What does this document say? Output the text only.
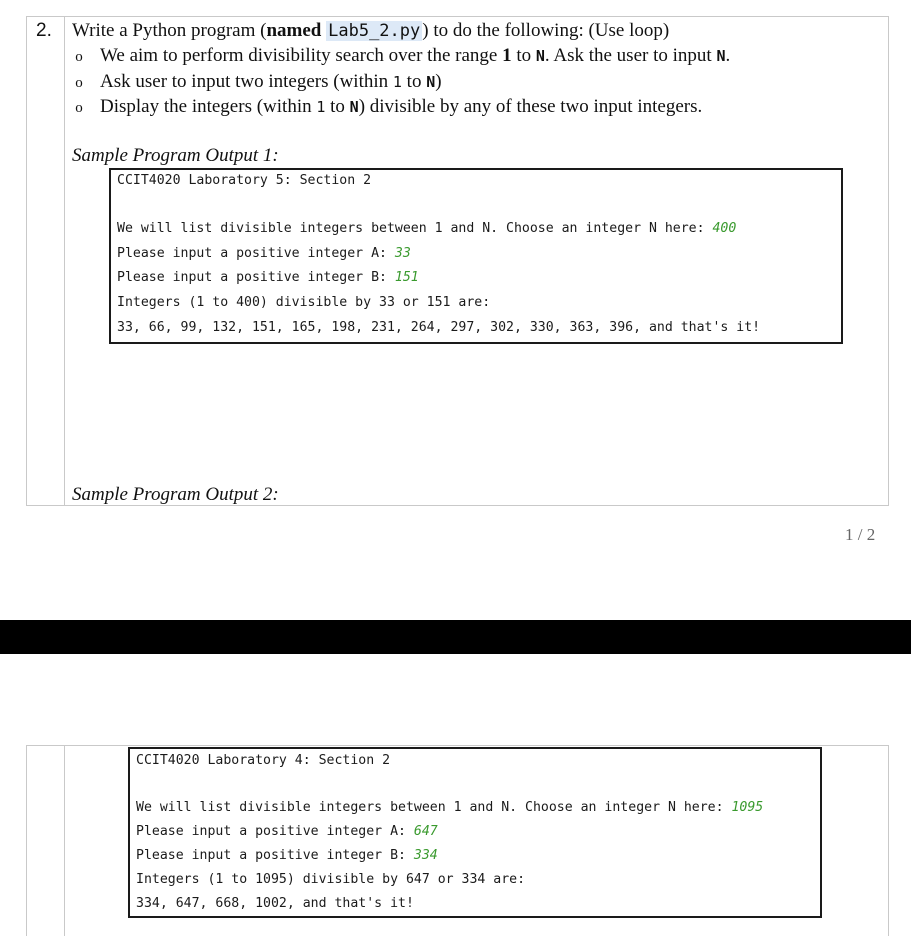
2. Write a Python program (named Lab5_2.py ) to do the following: (Use loop)
o We aim to perform divisibility search over the range 1 to N. Ask the user to input N.
o Ask user to input two integers (within 1 to N)
o Display the integers (within 1 to N) divisible by any of these two input integers.
Sample Program Output 1:

CCIT4020 Laboratory 5: Section 2

We will list divisible integers between 1 and N. Choose an integer N here: 400

Please input a positive integer A: 33

Please input a positive integer B: 151

Integers (1 to 400) divisible by 33 or 151 are:

33, 66, 99, 132, 151, 165, 198, 231, 264, 297, 302, 330, 363, 396, and that's it!

Sample Program Output 2:
1 / 2

CCIT4020 Laboratory 4: Section 2

We will list divisible integers between 1 and N. Choose an integer N here: 1095

Please input a positive integer A: 647

Please input a positive integer B: 334

Integers (1 to 1095) divisible by 647 or 334 are:

334, 647, 668, 1002, and that's it!
